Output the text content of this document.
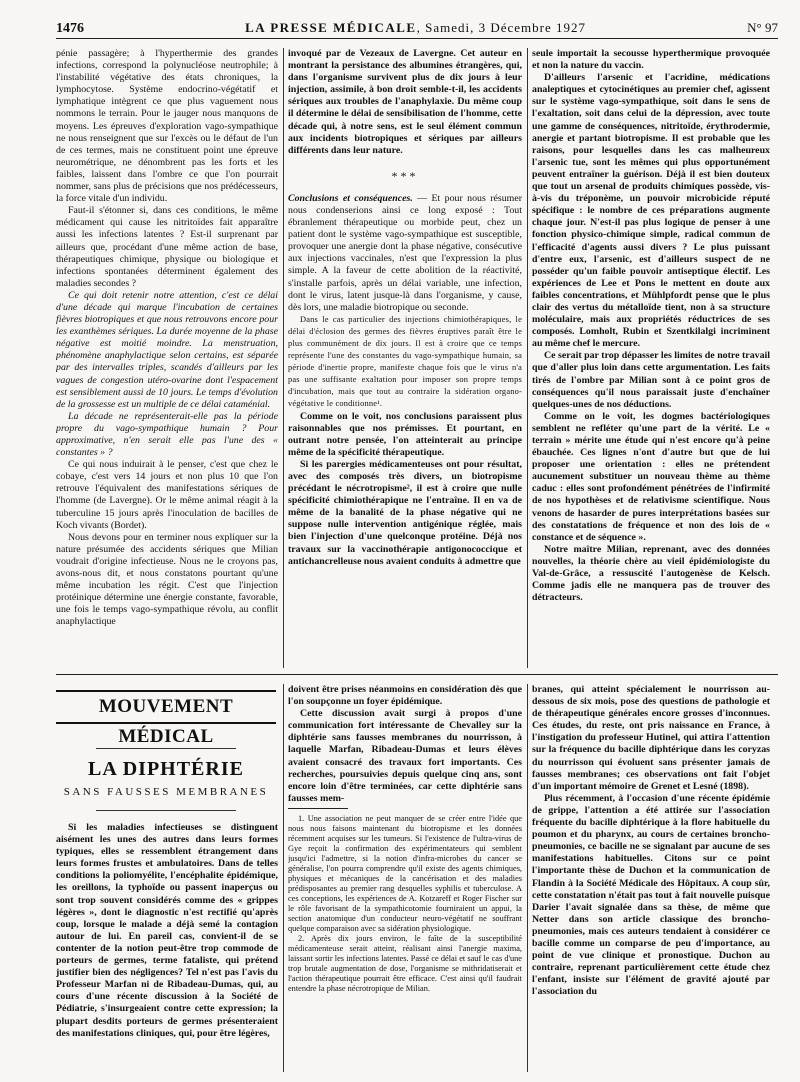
1476	LA PRESSE MÉDICALE, Samedi, 3 Décembre 1927	N° 97

pénie passagère; à l'hyperthermie des grandes infections, correspond la polynucléose neutrophile; à l'instabilité végétative des états chroniques, la lymphocytose. Système endocrino-végétatif et lymphatique intègrent ce que plus vaguement nous nommons le terrain. Pour le jauger nous manquons de moyens. Les épreuves d'exploration vago-sympathique ne nous renseignent que sur l'excès ou le défaut de l'un de ces termes, mais ne constituent point une épreuve neurométrique, ne dénombrent pas les forts et les faibles, laissent dans l'ombre ce que l'on pourrait nommer, sans plus de précisions que nos prédécesseurs, la force vitale d'un individu.

Faut-il s'étonner si, dans ces conditions, le même médicament qui cause les nitritoïdes fait apparaître aussi les infections latentes ? Est-il surprenant par ailleurs que, procédant d'une même action de base, thérapeutiques chimique, physique ou biologique et infections spontanées déterminent également des maladies secondes ?

Ce qui doit retenir notre attention, c'est ce délai d'une décade qui marque l'incubation de certaines fièvres biotropiques et que nous retrouvons encore pour les exanthèmes sériques. La durée moyenne de la phase négative est moitié moindre. La menstruation, phénomène anaphylactique selon certains, est séparée par des intervalles triples, scandés d'ailleurs par les vagues de congestion utéro-ovarine dont l'espacement est sensiblement aussi de 10 jours. Le temps d'évolution de la grossesse est un multiple de ce délai cataménial.

La décade ne représenterait-elle pas la période propre du vago-sympathique humain ? Pour approximative, n'en serait elle pas l'une des « constantes » ?

Ce qui nous induirait à le penser, c'est que chez le cobaye, c'est vers 14 jours et non plus 10 que l'on retrouve l'équivalent des manifestations sériques de l'homme (de Lavergne). Or le même animal réagit à la tuberculine 15 jours après l'inoculation de bacilles de Koch vivants (Bordet).

Nous devons pour en terminer nous expliquer sur la nature présumée des accidents sériques que Milian voudrait d'origine infectieuse. Nous ne le croyons pas, avons-nous dit, et nous constatons pourtant qu'une même incubation les régit. C'est que l'injection protéinique détermine une énergie constante, favorable, une fois le temps vago-sympathique révolu, au conflit anaphylactique

invoqué par de Vezeaux de Lavergne. Cet auteur en montrant la persistance des albumines étrangères, qui, dans l'organisme survivent plus de dix jours à leur injection, assimile, à bon droit semble-t-il, les accidents sériques aux troubles de l'anaphylaxie. Du même coup il détermine le délai de sensibilisation de l'homme, cette décade qui, à notre sens, est le seul élément commun aux incidents biotropiques et sériques par ailleurs différents dans leur nature.

***

Conclusions et conséquences. — Et pour nous résumer nous condenserions ainsi ce long exposé : Tout ébranlement thérapeutique ou morbide peut, chez un patient dont le système vago-sympathique est susceptible, provoquer une anergie dont la phase négative, consécutive aux injections vaccinales, n'est que l'expression la plus simple. A la faveur de cette abolition de la réactivité, s'installe parfois, après un délai variable, une infection, dont le virus, latent jusque-là dans l'organisme, y cause, dès lors, une maladie biotropique ou seconde.

Dans le cas particulier des injections chimiothérapiques, le délai d'éclosion des germes des fièvres éruptives paraît être le plus communément de dix jours. Il est à croire que ce temps représente l'une des constantes du vago-sympathique humain, sa période d'inertie propre, manifeste chaque fois que le virus n'a pas une suffisante exaltation pour imposer son propre temps d'incubation, mais que tout au contraire la sidération organo-végétative le conditionne¹.

Comme on le voit, nos conclusions paraissent plus raisonnables que nos prémisses. Et pourtant, en outrant notre pensée, l'on atteinterait au principe même de la spécificité thérapeutique.

Si les parergies médicamenteuses ont pour résultat, avec des composés très divers, un biotropisme précédant le nécrotropisme², il est à croire que nulle spécificité chimiothérapique ne l'entraîne. Il en va de même de la banalité de la phase négative qui ne suppose nulle intervention antigénique réglée, mais bien l'injection d'une quelconque protéine. Déjà nos travaux sur la vaccinothérapie antigonococcique et antichancrelleuse nous avaient conduits à admettre que

seule importait la secousse hyperthermique provoquée et non la nature du vaccin.

D'ailleurs l'arsenic et l'acridine, médications analeptiques et cytocinétiques au premier chef, agissent sur le système vago-sympathique, soit dans le sens de l'exaltation, soit dans celui de la dépression, avec toute une gamme de conséquences, nitritoïde, érythrodermie, anergie et partant biotropisme. Il est probable que les raisons, pour lesquelles dans les cas malheureux l'arsenic tue, sont les mêmes qui plus opportunément peuvent entraîner la guérison. Déjà il est bien douteux que tout un arsenal de produits chimiques possède, vis-à-vis du tréponème, un pouvoir microbicide réputé spécifique : le nombre de ces préparations augmente chaque jour. N'est-il pas plus logique de penser à une fonction physico-chimique simple, radical commun de l'efficacité d'agents aussi divers ? Le plus puissant d'entre eux, l'arsenic, est d'ailleurs suspect de ne posséder qu'un faible pouvoir antiseptique électif. Les expériences de Lee et Pons le mettent en doute aux faibles concentrations, et Mühlpfordt pense que le plus clair des vertus du métalloïde tient, non à sa structure moléculaire, mais aux propriétés réductrices de ses composés. Lomholt, Rubin et Szentkilalgi incriminent au même chef le mercure.

Ce serait par trop dépasser les limites de notre travail que d'aller plus loin dans cette argumentation. Les faits tirés de l'ombre par Milian sont à ce point gros de conséquences qu'il nous paraissait juste d'enchaîner quelques-unes de nos déductions.

Comme on le voit, les dogmes bactériologiques semblent ne refléter qu'une part de la vérité. Le « terrain » mérite une étude qui n'est encore qu'à peine ébauchée. Ces lignes n'ont d'autre but que de lui proposer une orientation : elles ne prétendent aucunement substituer un nouveau thème au thème caduc : elles sont profondément pénétrées de l'infirmité de nos hypothèses et de relativisme scientifique. Nous venons de hasarder de pures interprétations basées sur des constatations de fréquence et non des lois de « constance et de séquence ».

Notre maître Milian, reprenant, avec des données nouvelles, la théorie chère au vieil épidémiologiste du Val-de-Grâce, a ressuscité l'autogenèse de Kelsch. Comme jadis elle ne manquera pas de trouver des détracteurs.

MOUVEMENT MÉDICAL
LA DIPHTÉRIE
SANS FAUSSES MEMBRANES

Si les maladies infectieuses se distinguent aisément les unes des autres dans leurs formes typiques, elles se ressemblent étrangement dans leurs formes frustes et ambulatoires. Dans de telles conditions la poliomyélite, l'encéphalite épidémique, les oreillons, la typhoïde ou passent inaperçus ou sont trop souvent considérés comme des « grippes légères », dont le diagnostic n'est rectifié qu'après coup, lorsque le malade a déjà semé la contagion autour de lui. En pareil cas, convient-il de se contenter de la notion peut-être trop commode de porteurs de germes, terme fataliste, qui prétend justifier bien des négligences? Tel n'est pas l'avis du Professeur Marfan ni de Ribadeau-Dumas, qui, au cours d'une récente discussion à la Société de Pédiatrie, s'insurgeaient contre cette expression; la plupart desdits porteurs de germes présenteraient des manifestations cliniques, qui, pour être légères,

doivent être prises néanmoins en considération dès que l'on soupçonne un foyer épidémique.

Cette discussion avait surgi à propos d'une communication fort intéressante de Chevalley sur la diphtérie sans fausses membranes du nourrisson, à laquelle Marfan, Ribadeau-Dumas et leurs élèves avaient consacré des travaux fort importants. Ces recherches, poursuivies depuis quelque cinq ans, sont encore loin d'être terminées, car cette diphtérie sans fausses mem-

1. Une association ne peut manquer de se créer entre l'idée que nous nous faisons maintenant du biotropisme et les données récemment acquises sur les tumeurs. Si l'existence de l'ultra-virus de Gye reçoit la confirmation des expérimentateurs qui semblent jusqu'ici l'admettre, si la notion d'infra-microbes du cancer se généralise, l'on pourra comprendre qu'il existe des agents chimiques, physiques et mécaniques de la cancérisation et des maladies prédisposantes au premier rang desquelles syphilis et tuberculose. A ces conceptions, les expériences de A. Kotzareff et Roger Fischer sur le rôle favorisant de la sympathicotomie fourniraient un appui, la section anatomique d'un conducteur neuro-végétatif ne souffrant quelque comparaison avec sa sidération physiologique.

2. Après dix jours environ, le faîte de la susceptibilité médicamenteuse serait atteint, réalisant ainsi l'anergie maxima, laissant sortir les infections latentes. Passé ce délai et sauf le cas d'une trop brutale augmentation de dose, l'organisme se mithridatiserait et l'action thérapeutique pourrait être efficace. C'est ainsi qu'il faudrait entendre la phase nécrotropique de Milian.

branes, qui atteint spécialement le nourrisson au-dessous de six mois, pose des questions de pathologie et de thérapeutique générales encore grosses d'inconnues. Ces études, du reste, ont pris naissance en France, à l'instigation du professeur Hutinel, qui attira l'attention sur la fréquence du bacille diphtérique dans les coryzas du nourrisson qui évoluent sans présenter jamais de fausses membranes; ces observations ont fait l'objet d'un important mémoire de Grenet et Lesné (1898).

Plus récemment, à l'occasion d'une récente épidémie de grippe, l'attention a été attirée sur l'association fréquente du bacille diphtérique à la flore habituelle du poumon et du pharynx, au cours de certaines broncho-pneumonies, ce bacille ne se signalant par aucune de ses manifestations habituelles. Citons sur ce point l'importante thèse de Duchon et la communication de Flandin à la Société Médicale des Hôpitaux. A coup sûr, cette constatation n'était pas tout à fait nouvelle puisque Darier l'avait signalée dans sa thèse, de même que Netter dans son article classique des broncho-pneumonies, mais ces auteurs tendaient à considérer ce bacille comme un comparse de peu d'importance, au point de vue clinique et pronostique. Duchon au contraire, reprenant particulièrement cette étude chez l'enfant, insiste sur l'élément de gravité ajouté par l'association du
